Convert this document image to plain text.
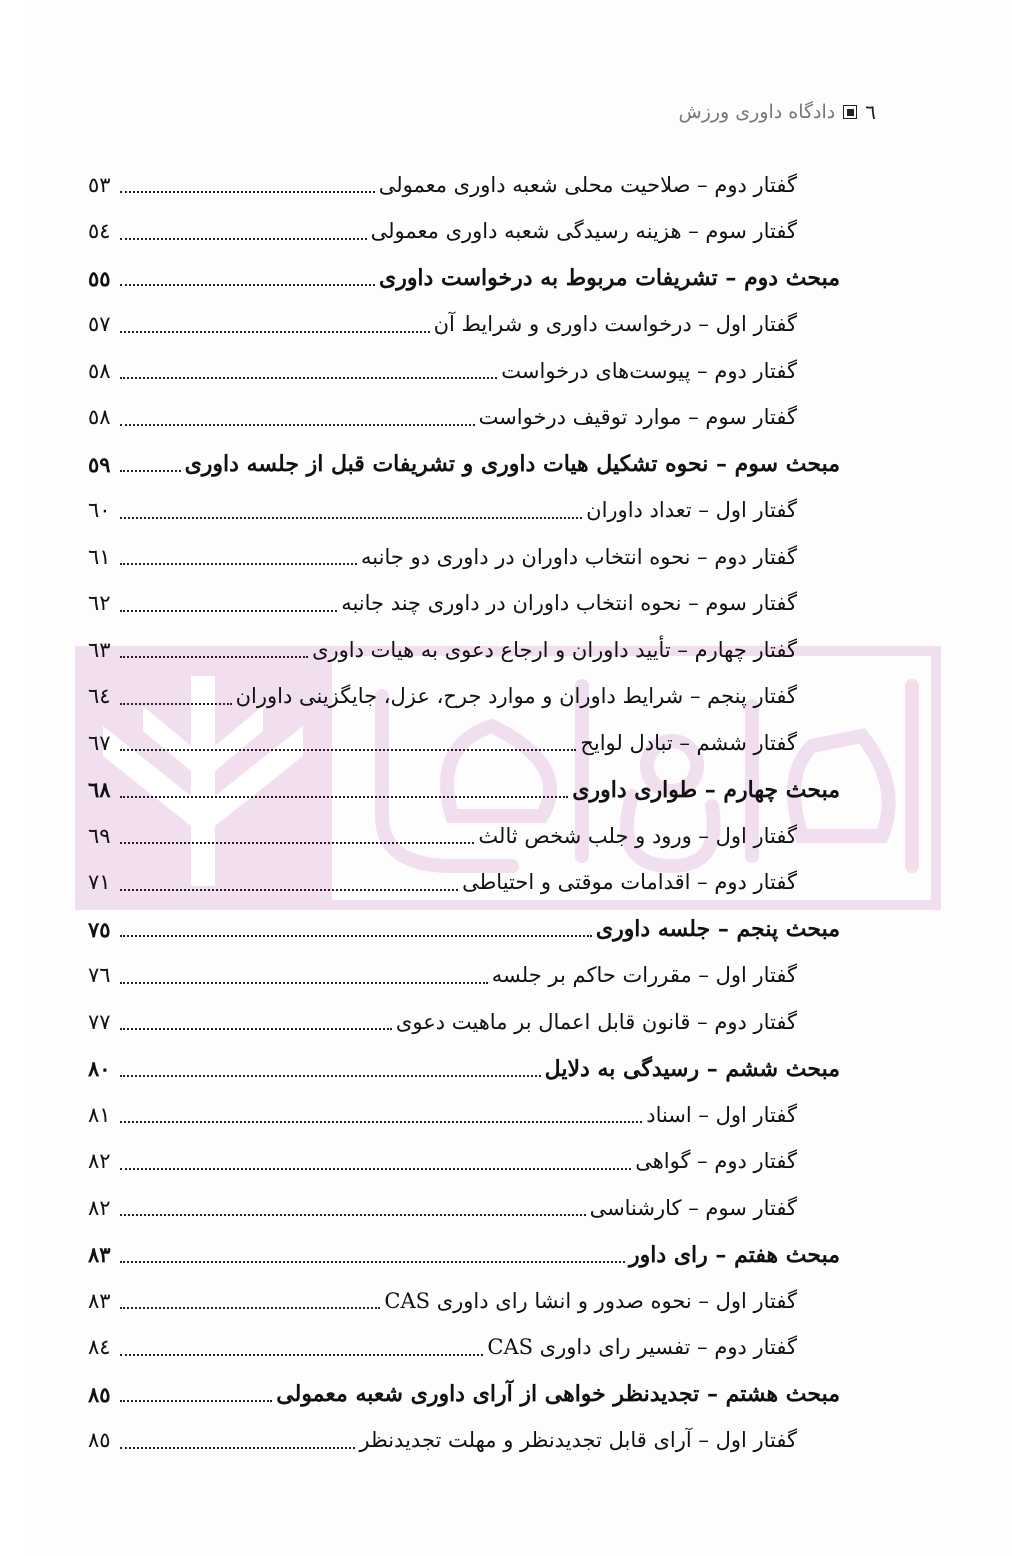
٦
دادگاه داوری ورزش
گفتار دوم – صلاحیت محلی شعبه داوری معمولی
٥٣
گفتار سوم – هزینه رسیدگی شعبه داوری معمولی
٥٤
مبحث دوم – تشریفات مربوط به درخواست داوری
٥٥
گفتار اول – درخواست داوری و شرایط آن
٥٧
گفتار دوم – پیوست‌های درخواست
٥٨
گفتار سوم – موارد توقیف درخواست
٥٨
مبحث سوم – نحوه تشکیل هیات داوری و تشریفات قبل از جلسه داوری
٥٩
گفتار اول – تعداد داوران
٦٠
گفتار دوم – نحوه انتخاب داوران در داوری دو جانبه
٦١
گفتار سوم – نحوه انتخاب داوران در داوری چند جانبه
٦٢
گفتار چهارم – تأیید داوران و ارجاع دعوی به هیات داوری
٦٣
گفتار پنجم – شرایط داوران و موارد جرح، عزل، جایگزینی داوران
٦٤
گفتار ششم – تبادل لوایح
٦٧
مبحث چهارم – طواری داوری
٦٨
گفتار اول – ورود و جلب شخص ثالث
٦٩
گفتار دوم – اقدامات موقتی و احتیاطی
٧١
مبحث پنجم – جلسه داوری
٧٥
گفتار اول – مقررات حاکم بر جلسه
٧٦
گفتار دوم – قانون قابل اعمال بر ماهیت دعوی
٧٧
مبحث ششم – رسیدگی به دلایل
٨٠
گفتار اول – اسناد
٨١
گفتار دوم – گواهی
٨٢
گفتار سوم – کارشناسی
٨٢
مبحث هفتم – رای داور
٨٣
گفتار اول – نحوه صدور و انشا رای داوری CAS
٨٣
گفتار دوم – تفسیر رای داوری CAS
٨٤
مبحث هشتم – تجدیدنظر خواهی از آرای داوری شعبه معمولی
٨٥
گفتار اول – آرای قابل تجدیدنظر و مهلت تجدیدنظر
٨٥
